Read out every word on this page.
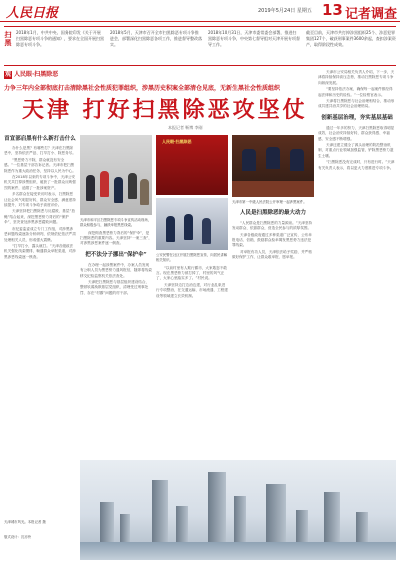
人民日报	2019年5月24日 星期五 13 记者调查
扫黑
2018年1月，中共中央、国务院印发《关于开展扫黑除恶专项斗争的通知》，要求在全国开展扫黑除恶专项斗争。
2018年5月，天津市召开全市扫黑除恶专项斗争推进会，部署深化扫黑除恶各项工作，推进督导整改落实。
2018年10月31日，天津市委常委会部署，推进扫黑除恶专项斗争，中央第七督导组对天津开展专项督导工作。
截至目前，天津市共打掉涉黑组织25个、涉恶犯罪集团127个，破获刑事案件3600余起，查扣涉案资产，取得阶段性成效。
观 人民眼·扫黑除恶
力争三年内全部彻底打击清除黑社会性质犯罪组织，涉黑历史积案全部清仓见底，无新生黑社会性质组织
天津 打好扫黑除恶攻坚仗
本报记者 靳博 李刚
首宣部启黑有什么新打击什么

办什么是黑？有哪些打？天津在扫黑除恶中，坚持依法严惩、打早打小、除恶务尽。

“黑恶势力不除，群众就没有安全感。”一位基层干部告诉记者。天津市把扫黑除恶作为重大政治任务，坚持以人民为中心。

在2018年以来的专项斗争中，天津公安机关共打掉涉黑组织，破获了一批群众反映强烈的案件，追缴了一批涉案资产。

多名群众在接受采访时表示，扫黑除恶让社会风气明显好转，群众安全感、满意度持续提升，对专项斗争给予高度评价。

天津坚持把扫黑除恶与反腐败、基层“拍蝇”结合起来，深挖黑恶势力背后的“保护伞”，坚决查处涉黑涉恶腐败问题。

市纪委监委成立专门工作组，对涉黑涉恶问题线索逐条分析研判，依规依纪依法严肃处理相关人员，形成强大震慑。

“打早打小，露头就打。”天津各级政法机关强化线索摸排，畅通群众举报渠道，对涉黑涉恶线索逐一核查。

天津市和平区扫黑除恶专项斗争宣传活动现场，群众积极参与，踊跃举报黑恶线索。

深挖彻查黑恶势力背后的“保护伞”，是扫黑除恶的重要内容。天津坚持“一案三查”，对涉黑涉恶案件逐一倒查。

把不法分子挪出“保护伞”

在办理一起涉黑案件中，办案人员发现有公职人员为黑恶势力通风报信，随即将线索移交纪检监察机关依法查处。

天津把扫黑除恶与基层组织建设结合，整顿软弱涣散基层党组织，清理受过刑事处罚、存在“村霸”问题的村干部。

人民眼·扫黑除恶
公安民警在社区开展扫黑除恶宣传，向居民讲解相关知识。

“以前村里有人欺行霸市，大家敢怒不敢言。现在黑恶势力被打掉了，村里的风气正了，大家心里踏实多了。”村民说。

天津坚持边打边治边建，对行业乱象进行专项整治，在交通运输、市场流通、工程建设等领域建立长效机制。

天津市第一中级人民法院公开审理一起涉黑案件。
人民是扫黑除恶的最大动力

“人民群众是扫黑除恶的力量源泉。”天津坚持发动群众、依靠群众，营造全民参与的浓厚氛围。

天津各级政府通过多种渠道广泛宣传，公布举报电话、信箱，鼓励群众检举揭发黑恶势力违法犯罪线索。

对举报有功人员，天津依法给予奖励，并严格做好保护工作，让群众敢举报、愿举报。

天津市公安局相关负责人介绍，下一步，天津将持续保持高压态势，推动扫黑除恶专项斗争向纵深发展。

“要坚持依法办案，确保每一起案件都经得起法律和历史的检验。”一位检察官表示。

天津将扫黑除恶与社会治理相结合，推动形成共建共治共享的社会治理格局。

创新基层治理，夯实基层基础

通过一年多的努力，天津扫黑除恶取得明显成效，社会治安持续好转，群众获得感、幸福感、安全感不断增强。

天津还建立健全了源头治理的防范整治机制，对重点行业领域加强监管，铲除黑恶势力滋生土壤。

“扫黑除恶没有完成时，只有进行时。”天津有关负责人表示，将以更大力度推进专项斗争。

天津城市风光。本报记者 摄
版式设计：沈亦伶
